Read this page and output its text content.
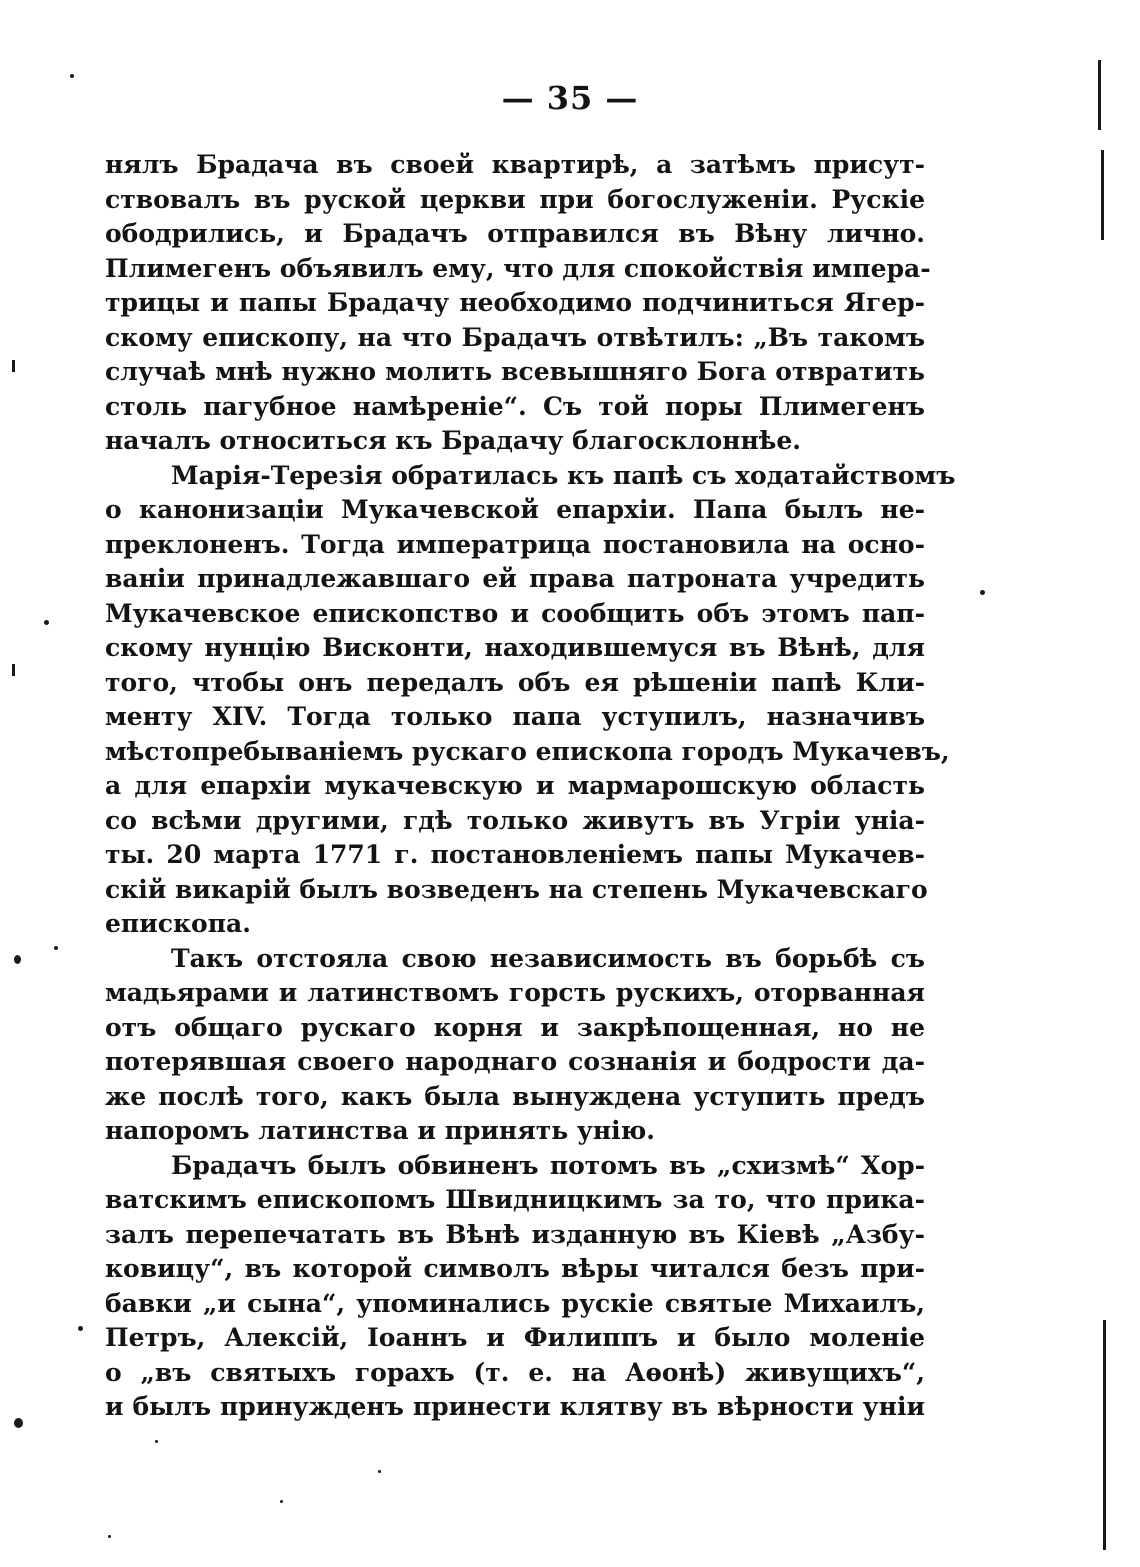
— 35 —
нялъ Брадача въ своей квартирѣ, а затѣмъ присут-
ствовалъ въ руской церкви при богослуженіи. Рускіе
ободрились, и Брадачъ отправился въ Вѣну лично.
Плимегенъ объявилъ ему, что для спокойствія импера-
трицы и папы Брадачу необходимо подчиниться Ягер-
скому епископу, на что Брадачъ отвѣтилъ: „Въ такомъ
случаѣ мнѣ нужно молить всевышняго Бога отвратить
столь пагубное намѣреніе“. Съ той поры Плимегенъ
началъ относиться къ Брадачу благосклоннѣе.
Марія-Терезія обратилась къ папѣ съ ходатайствомъ
о канонизаціи Мукачевской епархіи. Папа былъ не-
преклоненъ. Тогда императрица постановила на осно-
ваніи принадлежавшаго ей права патроната учредить
Мукачевское епископство и сообщить объ этомъ пап-
скому нунцію Висконти, находившемуся въ Вѣнѣ, для
того, чтобы онъ передалъ объ ея рѣшеніи папѣ Кли-
менту XIV. Тогда только папа уступилъ, назначивъ
мѣстопребываніемъ рускаго епископа городъ Мукачевъ,
а для епархіи мукачевскую и мармарошскую область
со всѣми другими, гдѣ только живутъ въ Угріи уніа-
ты. 20 марта 1771 г. постановленіемъ папы Мукачев-
скій викарій былъ возведенъ на степень Мукачевскаго
епископа.
Такъ отстояла свою независимость въ борьбѣ съ
мадьярами и латинствомъ горсть рускихъ, оторванная
отъ общаго рускаго корня и закрѣпощенная, но не
потерявшая своего народнаго сознанія и бодрости да-
же послѣ того, какъ была вынуждена уступить предъ
напоромъ латинства и принять унію.
Брадачъ былъ обвиненъ потомъ въ „схизмѣ“ Хор-
ватскимъ епископомъ Швидницкимъ за то, что прика-
залъ перепечатать въ Вѣнѣ изданную въ Кіевѣ „Азбу-
ковицу“, въ которой символъ вѣры читался безъ при-
бавки „и сына“, упоминались руcкіе святые Михаилъ,
Петръ, Алексій, Іоаннъ и Филиппъ и было моленіе
о „въ святыхъ горахъ (т. е. на Аѳонѣ) живущихъ“,
и былъ принужденъ принести клятву въ вѣрности уніи
